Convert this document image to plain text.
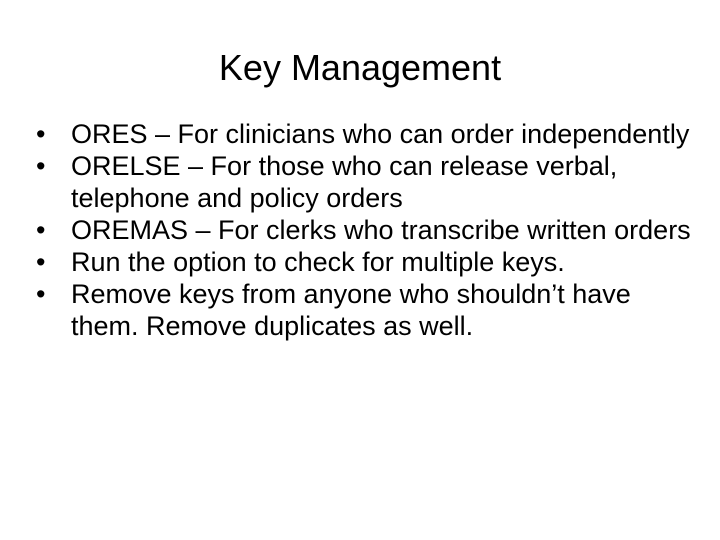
Key Management
• ORES – For clinicians who can order independently
• ORELSE – For those who can release verbal, telephone and policy orders
• OREMAS – For clerks who transcribe written orders
• Run the option to check for multiple keys.
• Remove keys from anyone who shouldn’t have them. Remove duplicates as well.
